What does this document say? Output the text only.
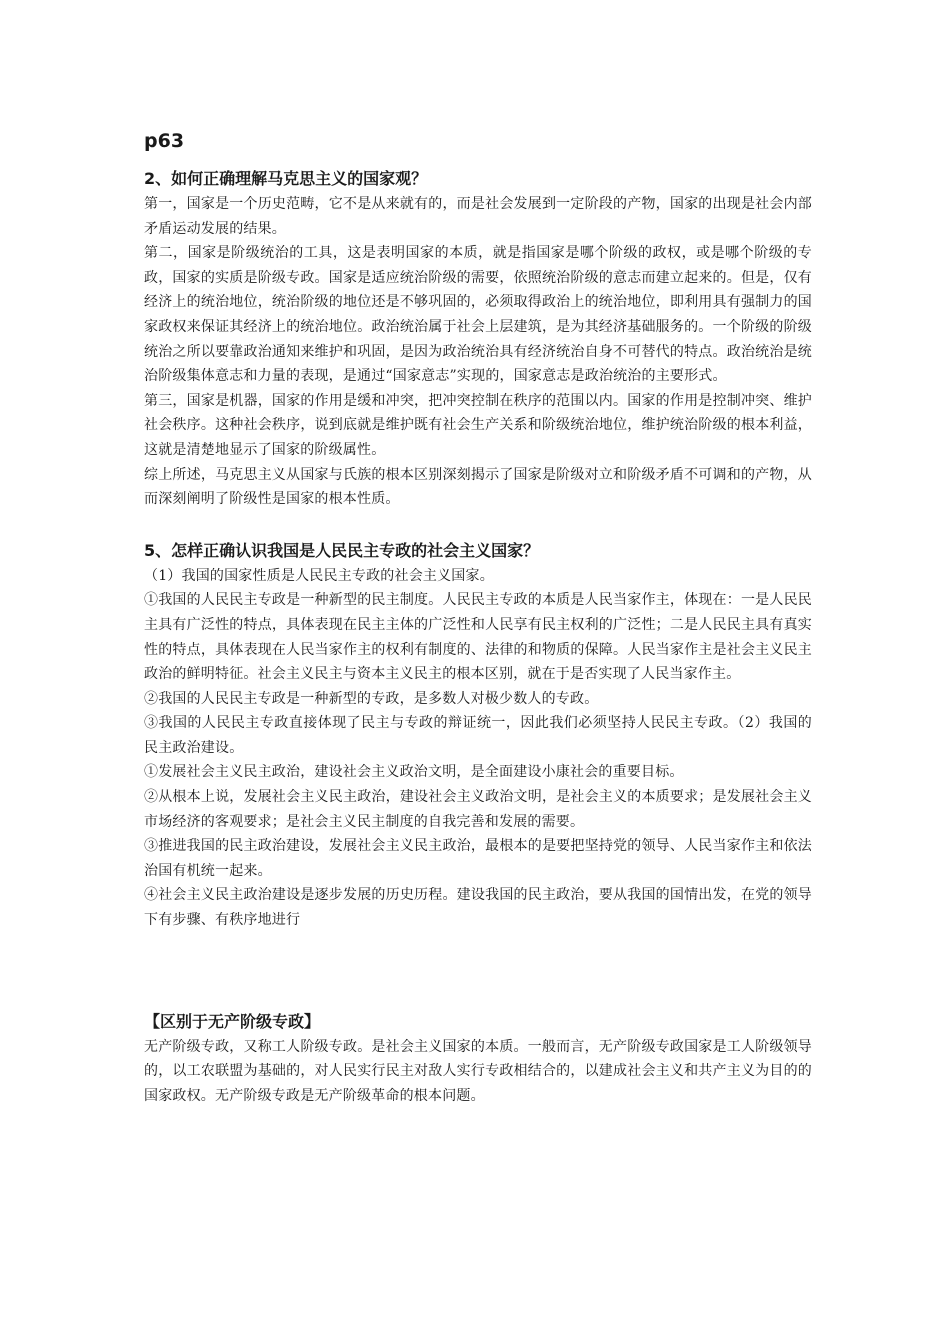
p63
2、如何正确理解马克思主义的国家观？

第一，国家是一个历史范畴，它不是从来就有的，而是社会发展到一定阶段的产物，国家的出现是社会内部矛盾运动发展的结果。

第二，国家是阶级统治的工具，这是表明国家的本质，就是指国家是哪个阶级的政权，或是哪个阶级的专政，国家的实质是阶级专政。国家是适应统治阶级的需要，依照统治阶级的意志而建立起来的。但是，仅有经济上的统治地位，统治阶级的地位还是不够巩固的，必须取得政治上的统治地位，即利用具有强制力的国家政权来保证其经济上的统治地位。政治统治属于社会上层建筑，是为其经济基础服务的。一个阶级的阶级统治之所以要靠政治通知来维护和巩固，是因为政治统治具有经济统治自身不可替代的特点。政治统治是统治阶级集体意志和力量的表现，是通过“国家意志”实现的，国家意志是政治统治的主要形式。

第三，国家是机器，国家的作用是缓和冲突，把冲突控制在秩序的范围以内。国家的作用是控制冲突、维护社会秩序。这种社会秩序，说到底就是维护既有社会生产关系和阶级统治地位，维护统治阶级的根本利益，这就是清楚地显示了国家的阶级属性。

综上所述，马克思主义从国家与氏族的根本区别深刻揭示了国家是阶级对立和阶级矛盾不可调和的产物，从而深刻阐明了阶级性是国家的根本性质。

5、怎样正确认识我国是人民民主专政的社会主义国家？

（1）我国的国家性质是人民民主专政的社会主义国家。

①我国的人民民主专政是一种新型的民主制度。人民民主专政的本质是人民当家作主，体现在：一是人民民主具有广泛性的特点，具体表现在民主主体的广泛性和人民享有民主权利的广泛性；二是人民民主具有真实性的特点，具体表现在人民当家作主的权利有制度的、法律的和物质的保障。人民当家作主是社会主义民主政治的鲜明特征。社会主义民主与资本主义民主的根本区别，就在于是否实现了人民当家作主。

②我国的人民民主专政是一种新型的专政，是多数人对极少数人的专政。

③我国的人民民主专政直接体现了民主与专政的辩证统一，因此我们必须坚持人民民主专政。（2）我国的民主政治建设。

①发展社会主义民主政治，建设社会主义政治文明，是全面建设小康社会的重要目标。

②从根本上说，发展社会主义民主政治，建设社会主义政治文明，是社会主义的本质要求；是发展社会主义市场经济的客观要求；是社会主义民主制度的自我完善和发展的需要。

③推进我国的民主政治建设，发展社会主义民主政治，最根本的是要把坚持党的领导、人民当家作主和依法治国有机统一起来。

④社会主义民主政治建设是逐步发展的历史历程。建设我国的民主政治，要从我国的国情出发，在党的领导下有步骤、有秩序地进行

【区别于无产阶级专政】

无产阶级专政，又称工人阶级专政。是社会主义国家的本质。一般而言，无产阶级专政国家是工人阶级领导的，以工农联盟为基础的，对人民实行民主对敌人实行专政相结合的，以建成社会主义和共产主义为目的的国家政权。无产阶级专政是无产阶级革命的根本问题。
